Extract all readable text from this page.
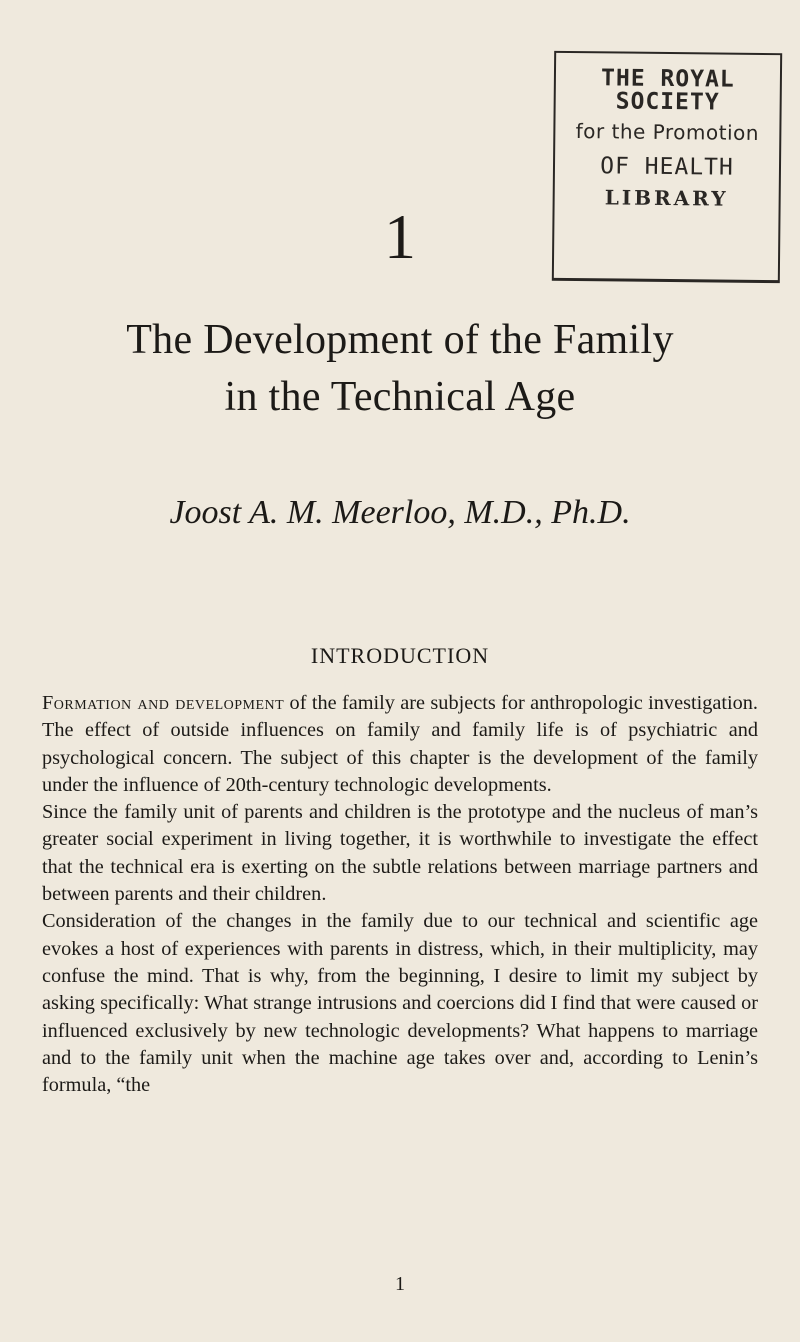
THE ROYAL SOCIETY
for the Promotion
OF HEALTH
LIBRARY
1
The Development of the Family
in the Technical Age
Joost A. M. Meerloo, M.D., Ph.D.
INTRODUCTION

Formation and development of the family are subjects for anthropologic investigation. The effect of outside influences on family and family life is of psychiatric and psychological concern. The subject of this chapter is the development of the family under the influence of 20th-century technologic developments.

Since the family unit of parents and children is the prototype and the nucleus of man’s greater social experiment in living together, it is worthwhile to investigate the effect that the technical era is exerting on the subtle relations between marriage partners and between parents and their children.

Consideration of the changes in the family due to our technical and scientific age evokes a host of experiences with parents in distress, which, in their multiplicity, may confuse the mind. That is why, from the beginning, I desire to limit my subject by asking specifically: What strange intrusions and coercions did I find that were caused or influenced exclusively by new technologic developments? What happens to marriage and to the family unit when the machine age takes over and, according to Lenin’s formula, “the

1
